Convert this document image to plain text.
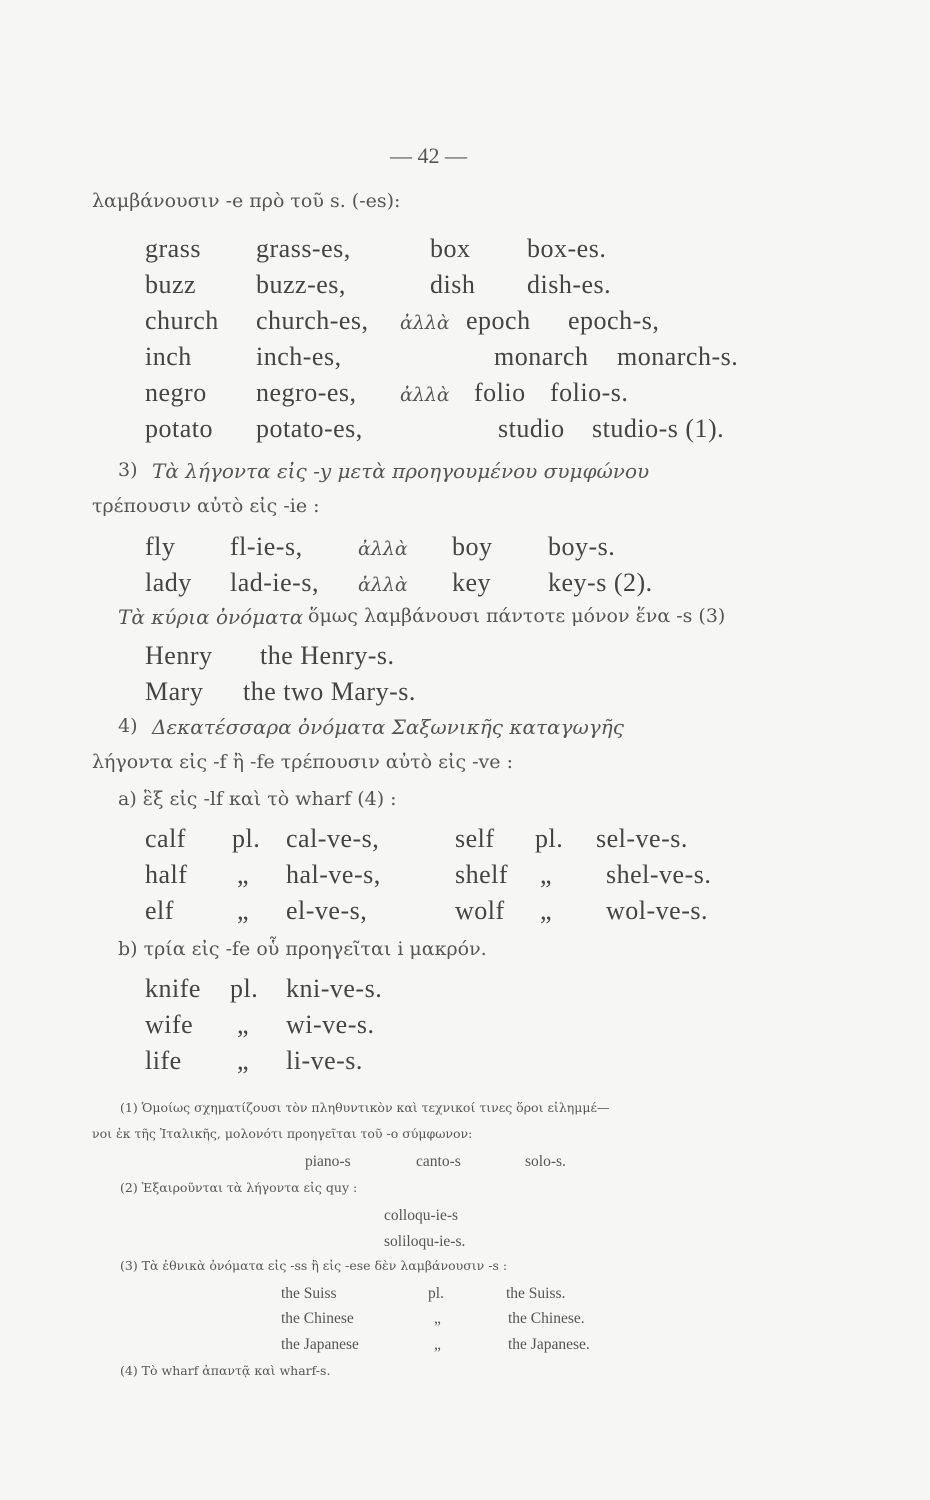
— 42 —
λαμβάνουσιν -e πρὸ τοῦ s. (-es):
grass grass-es,	box box-es.
buzz buzz-es,	dish dish-es.
church church-es, ἀλλὰ epoch epoch-s,
inch inch-es,	monarch monarch-s.
negro negro-es, ἀλλὰ folio folio-s.
potato potato-es,	studio studio-s (1).
3) Τὰ λήγοντα εἰς -y μετὰ προηγουμένου συμφώνου
τρέπουσιν αὐτὸ εἰς -ie :
fly fl-ie-s,	ἀλλὰ boy boy-s.
lady lad-ie-s, ἀλλὰ key key-s (2).
Τὰ κύρια ὀνόματα ὅμως λαμβάνουσι πάντοτε μόνον ἕνα -s (3)
Henry the Henry-s.
Mary the two Mary-s.
4) Δεκατέσσαρα ὀνόματα Σαξωνικῆς καταγωγῆς
λήγοντα εἰς -f ἢ -fe τρέπουσιν αὐτὸ εἰς -ve :
a) ἓξ εἰς -lf καὶ τὸ wharf (4) :
calf pl. cal-ve-s,	self pl. sel-ve-s.
half „ hal-ve-s,	shelf „ shel-ve-s.
elf „ el-ve-s,	wolf „ wol-ve-s.
b) τρία εἰς -fe οὗ προηγεῖται i μακρόν.
knife pl. kni-ve-s.
wife „ wi-ve-s.
life „ li-ve-s.
(1) Ὁμοίως σχηματίζουσι τὸν πληθυντικὸν καὶ τεχνικοί τινες ὅροι εἰλημμέ—
νοι ἐκ τῆς Ἰταλικῆς, μολονότι προηγεῖται τοῦ -o σύμφωνον:
piano-s	canto-s	solo-s.
(2) Ἐξαιροῦνται τὰ λήγοντα εἰς quy :
colloqu-ie-s
soliloqu-ie-s.
(3) Τὰ ἐθνικὰ ὀνόματα εἰς -ss ἢ εἰς -ese δὲν λαμβάνουσιν -s :
the Suiss	pl.	the Suiss.
the Chinese	„	the Chinese.
the Japanese	„	the Japanese.
(4) Τὸ wharf ἀπαντᾷ καὶ wharf-s.
